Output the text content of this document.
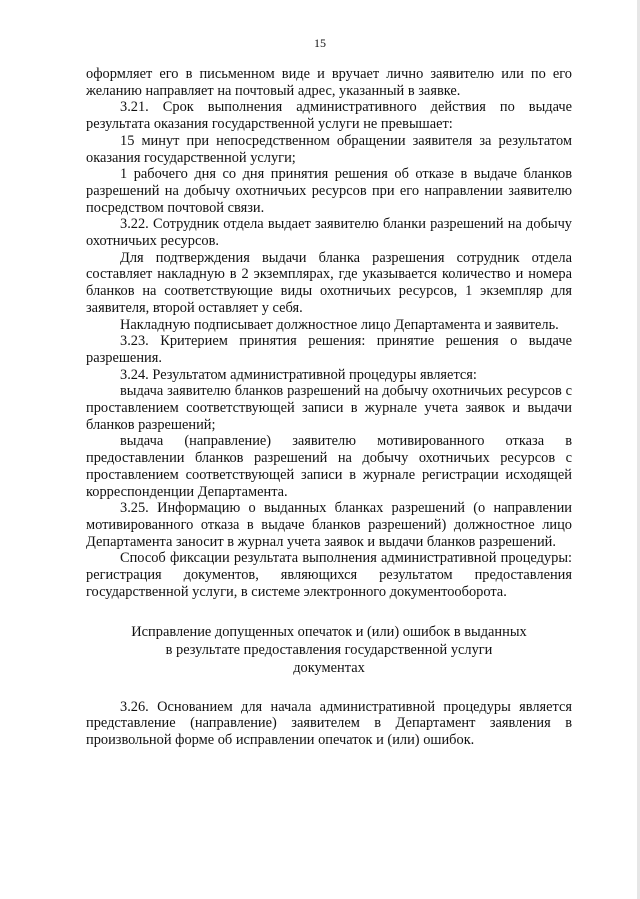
15

оформляет его в письменном виде и вручает лично заявителю или по его желанию направляет на почтовый адрес, указанный в заявке.

3.21. Срок выполнения административного действия по выдаче результата оказания государственной услуги не превышает:

15 минут при непосредственном обращении заявителя за результатом оказания государственной услуги;

1 рабочего дня со дня принятия решения об отказе в выдаче бланков разрешений на добычу охотничьих ресурсов при его направлении заявителю посредством почтовой связи.

3.22. Сотрудник отдела выдает заявителю бланки разрешений на добычу охотничьих ресурсов.

Для подтверждения выдачи бланка разрешения сотрудник отдела составляет накладную в 2 экземплярах, где указывается количество и номера бланков на соответствующие виды охотничьих ресурсов, 1 экземпляр для заявителя, второй оставляет у себя.

Накладную подписывает должностное лицо Департамента и заявитель.

3.23. Критерием принятия решения: принятие решения о выдаче разрешения.

3.24. Результатом административной процедуры является:

выдача заявителю бланков разрешений на добычу охотничьих ресурсов с проставлением соответствующей записи в журнале учета заявок и выдачи бланков разрешений;

выдача (направление) заявителю мотивированного отказа в предоставлении бланков разрешений на добычу охотничьих ресурсов с проставлением соответствующей записи в журнале регистрации исходящей корреспонденции Департамента.

3.25. Информацию о выданных бланках разрешений (о направлении мотивированного отказа в выдаче бланков разрешений) должностное лицо Департамента заносит в журнал учета заявок и выдачи бланков разрешений.

Способ фиксации результата выполнения административной процедуры: регистрация документов, являющихся результатом предоставления государственной услуги, в системе электронного документооборота.

Исправление допущенных опечаток и (или) ошибок в выданных
в результате предоставления государственной услуги
документах

3.26. Основанием для начала административной процедуры является представление (направление) заявителем в Департамент заявления в произвольной форме об исправлении опечаток и (или) ошибок.
